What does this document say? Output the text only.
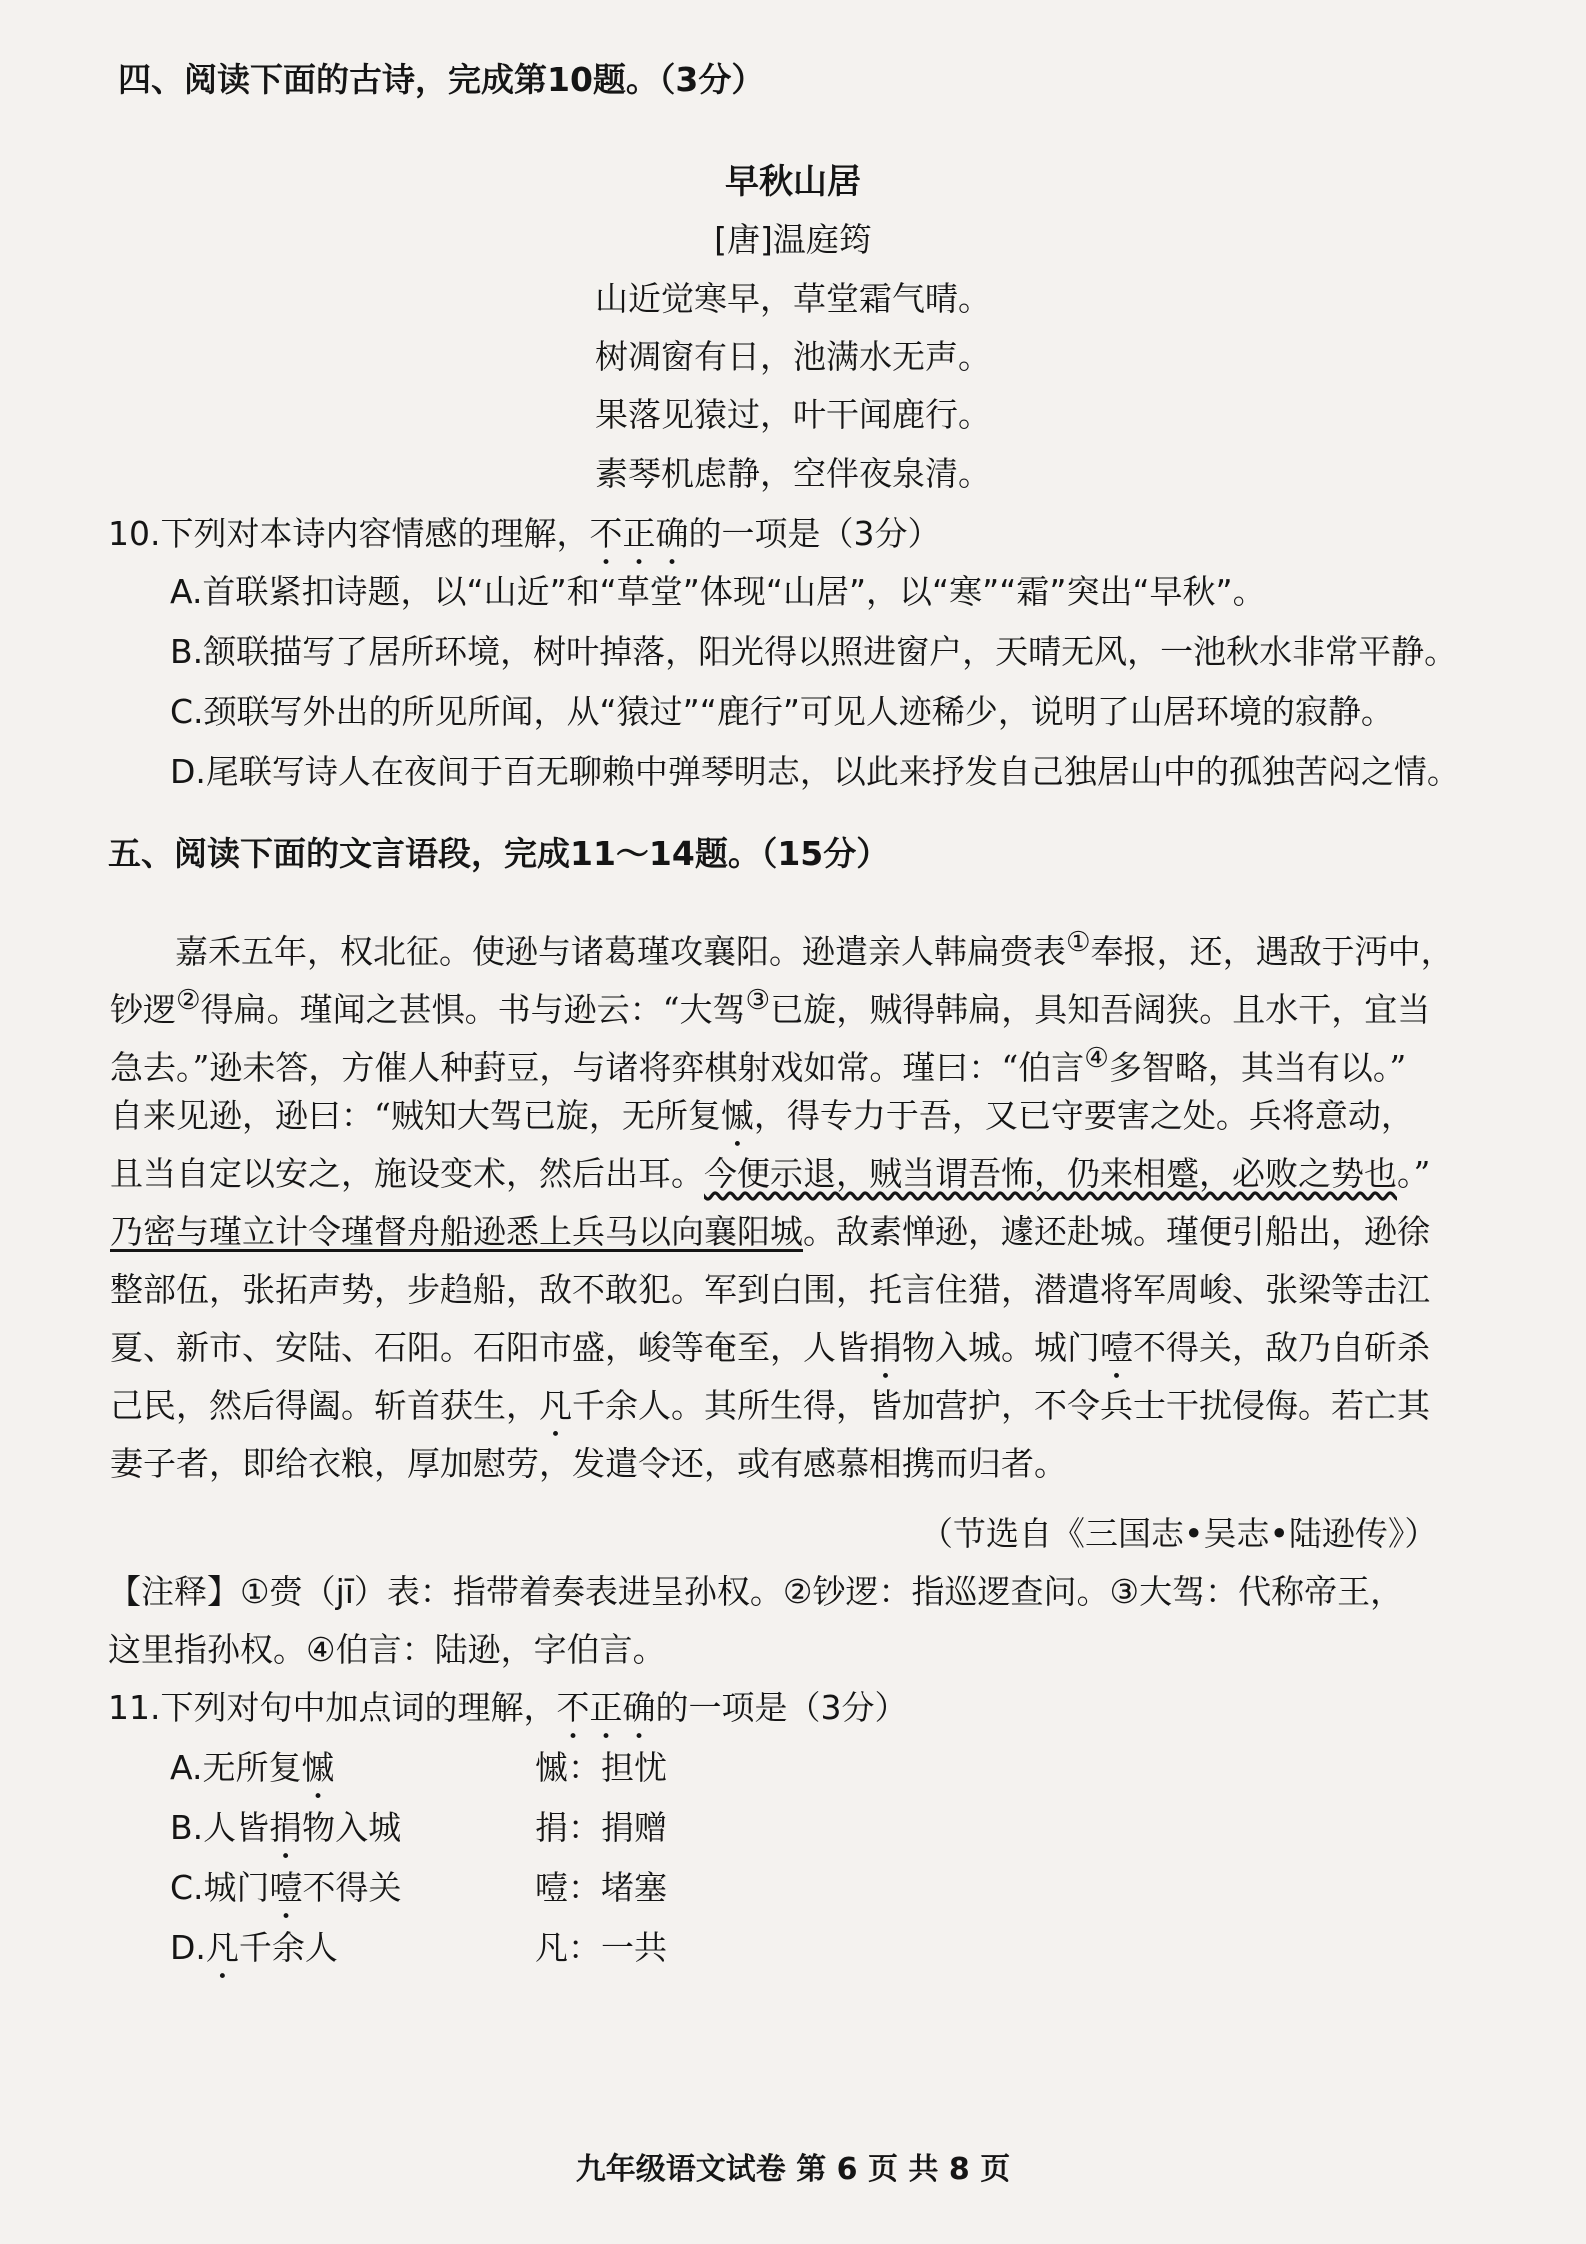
四、阅读下面的古诗，完成第10题。（3分）
早秋山居
[唐]温庭筠
山近觉寒早，草堂霜气晴。
树凋窗有日，池满水无声。
果落见猿过，叶干闻鹿行。
素琴机虑静，空伴夜泉清。
10.下列对本诗内容情感的理解，不正确的一项是（3分）
A.首联紧扣诗题，以“山近”和“草堂”体现“山居”，以“寒”“霜”突出“早秋”。
B.颔联描写了居所环境，树叶掉落，阳光得以照进窗户，天晴无风，一池秋水非常平静。
C.颈联写外出的所见所闻，从“猿过”“鹿行”可见人迹稀少，说明了山居环境的寂静。
D.尾联写诗人在夜间于百无聊赖中弹琴明志，以此来抒发自己独居山中的孤独苦闷之情。
五、阅读下面的文言语段，完成11～14题。（15分）
嘉禾五年，权北征。使逊与诸葛瑾攻襄阳。逊遣亲人韩扁赍表①奉报，还，遇敌于沔中，
钞逻②得扁。瑾闻之甚惧。书与逊云：“大驾③已旋，贼得韩扁，具知吾阔狭。且水干，宜当
急去。”逊未答，方催人种葑豆，与诸将弈棋射戏如常。瑾曰：“伯言④多智略，其当有以。”
自来见逊，逊曰：“贼知大驾已旋，无所复慽，得专力于吾，又已守要害之处。兵将意动，
且当自定以安之，施设变术，然后出耳。今便示退，贼当谓吾怖，仍来相蹙，必败之势也。”
乃密与瑾立计令瑾督舟船逊悉上兵马以向襄阳城。敌素惮逊，遽还赴城。瑾便引船出，逊徐
整部伍，张拓声势，步趋船，敌不敢犯。军到白围，托言住猎，潜遣将军周峻、张梁等击江
夏、新市、安陆、石阳。石阳市盛，峻等奄至，人皆捐物入城。城门噎不得关，敌乃自斫杀
己民，然后得阖。斩首获生，凡千余人。其所生得，皆加营护，不令兵士干扰侵侮。若亡其
妻子者，即给衣粮，厚加慰劳，发遣令还，或有感慕相携而归者。
（节选自《三国志•吴志•陆逊传》）
【注释】①赍（jī）表：指带着奏表进呈孙权。②钞逻：指巡逻查问。③大驾：代称帝王，
这里指孙权。④伯言：陆逊，字伯言。
11.下列对句中加点词的理解，不正确的一项是（3分）
A.无所复慽	慽：担忧
B.人皆捐物入城	捐：捐赠
C.城门噎不得关	噎：堵塞
D.凡千余人	凡：一共
九年级语文试卷 第 6 页 共 8 页
